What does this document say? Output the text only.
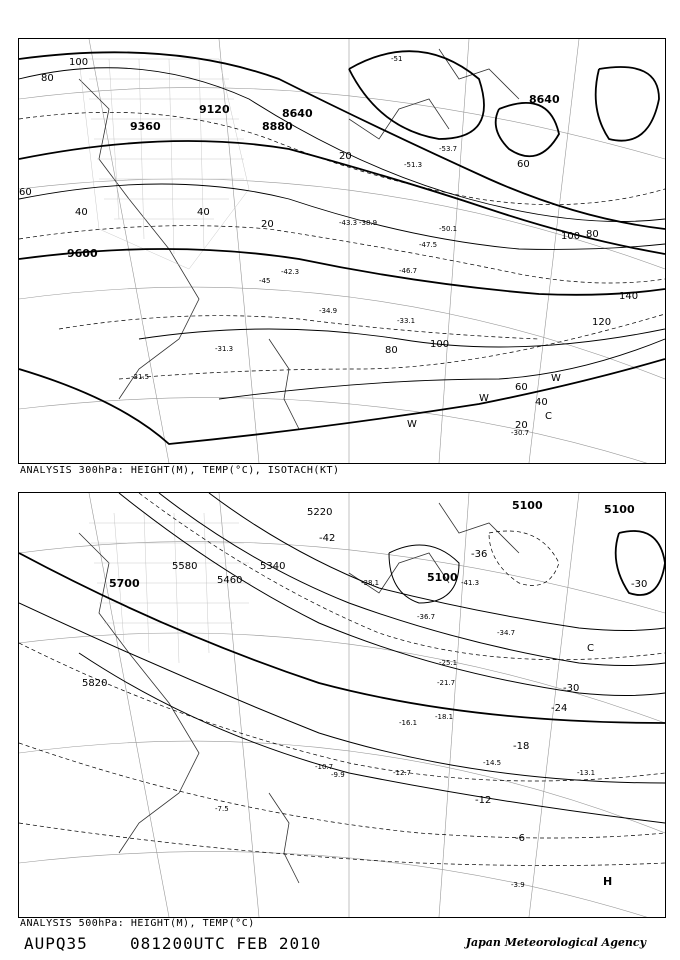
9360
9120
8880
8640
8640
9600
80
100
60
40
20
20
40
60
80
100
120
140
20
40
60
80
100
-51
-53.7
-51.3
-50.1
-47.5
-46.7
-45
-43.3
-42.3
-38.9
-34.9
-33.1
-31.3
-31.5
-30.7
W
W
W
C
ANALYSIS 300hPa: HEIGHT(M), TEMP(°C), ISOTACH(KT)
5100	5100
5100
5220
5340
5460
5580
5700
5820
-42
-36
-30
-30
-24
-18
-12
-6
-38.1	-41.3
-36.7
-34.7
-25.1
-21.7
-18.1
-16.1
-14.5
-13.1
-12.7
-10.7
-9.9
-7.5
-3.9
C
H
ANALYSIS 500hPa: HEIGHT(M), TEMP(°C)
AUPQ35	081200UTC FEB 2010	Japan Meteorological Agency
